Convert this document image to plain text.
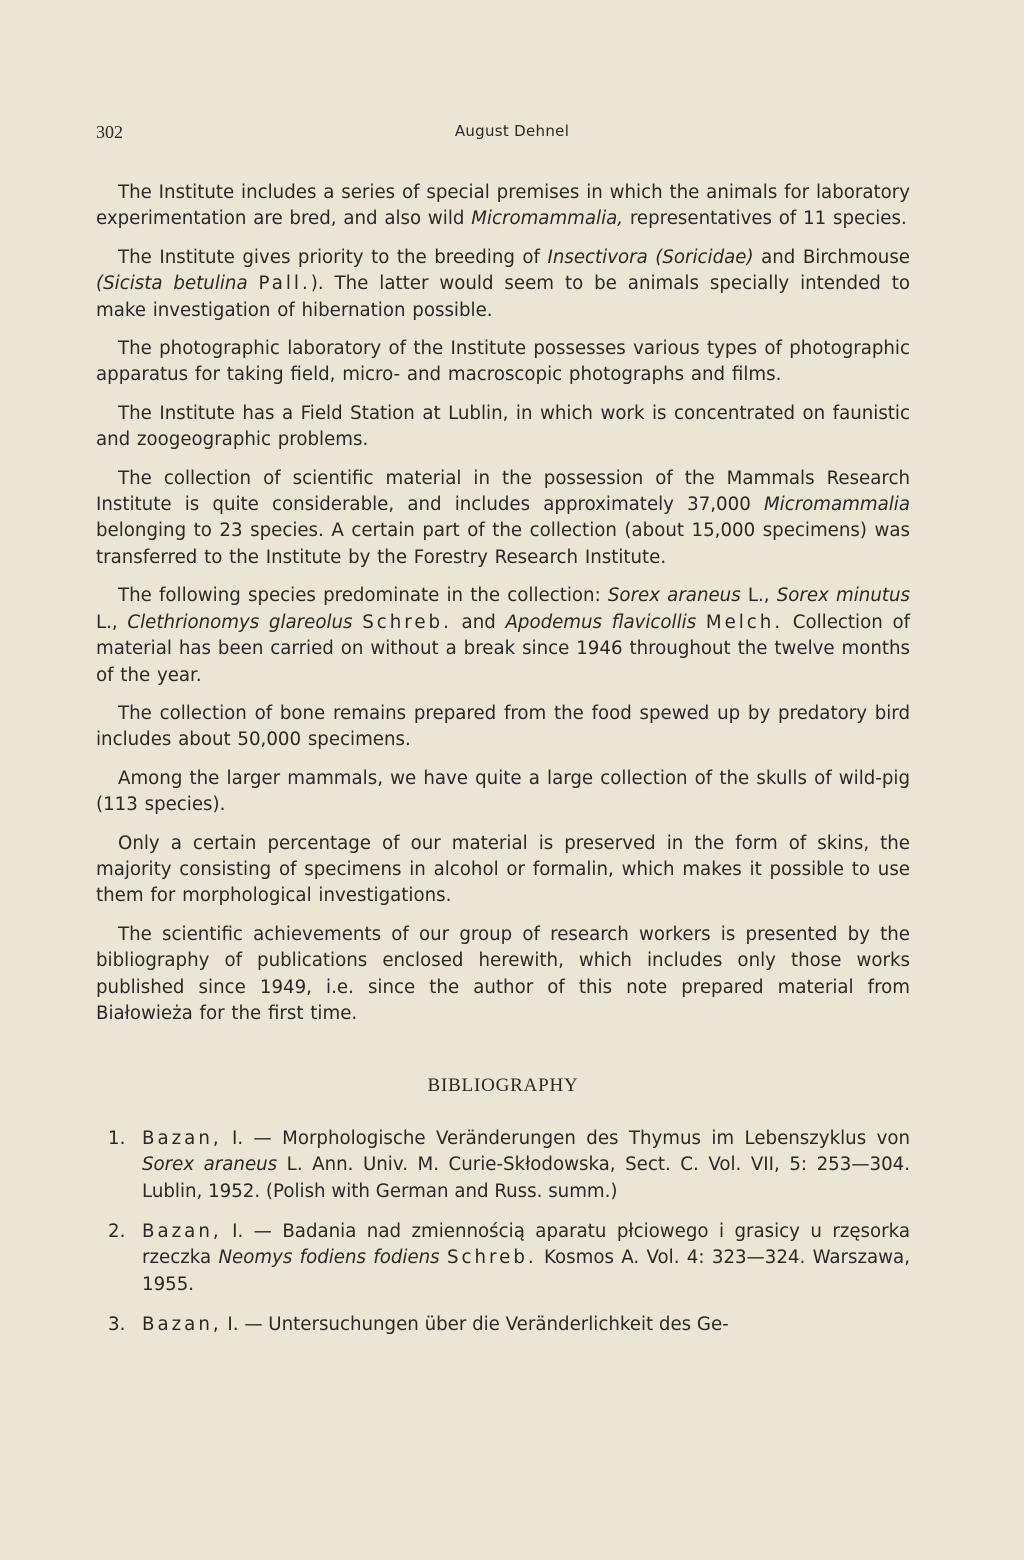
302	August Dehnel

The Institute includes a series of special premises in which the animals for laboratory experimentation are bred, and also wild Micromammalia, representatives of 11 species.

The Institute gives priority to the breeding of Insectivora (Soricidae) and Birchmouse (Sicista betulina Pall.). The latter would seem to be animals specially intended to make investigation of hibernation possible.

The photographic laboratory of the Institute possesses various types of photographic apparatus for taking field, micro- and macroscopic photographs and films.

The Institute has a Field Station at Lublin, in which work is concentrated on faunistic and zoogeographic problems.

The collection of scientific material in the possession of the Mammals Research Institute is quite considerable, and includes approximately 37,000 Micromammalia belonging to 23 species. A certain part of the collection (about 15,000 specimens) was transferred to the Institute by the Forestry Research Institute.

The following species predominate in the collection: Sorex araneus L., Sorex minutus L., Clethrionomys glareolus Schreb. and Apodemus flavicollis Melch. Collection of material has been carried on without a break since 1946 throughout the twelve months of the year.

The collection of bone remains prepared from the food spewed up by predatory bird includes about 50,000 specimens.

Among the larger mammals, we have quite a large collection of the skulls of wild-pig (113 species).

Only a certain percentage of our material is preserved in the form of skins, the majority consisting of specimens in alcohol or formalin, which makes it possible to use them for morphological investigations.

The scientific achievements of our group of research workers is presented by the bibliography of publications enclosed herewith, which includes only those works published since 1949, i.e. since the author of this note prepared material from Białowieża for the first time.

BIBLIOGRAPHY
1. Bazan, I. — Morphologische Veränderungen des Thymus im Lebenszyklus von Sorex araneus L. Ann. Univ. M. Curie-Skłodowska, Sect. C. Vol. VII, 5: 253—304. Lublin, 1952. (Polish with German and Russ. summ.)
2. Bazan, I. — Badania nad zmiennością aparatu płciowego i grasicy u rzęsorka rzeczka Neomys fodiens fodiens Schreb. Kosmos A. Vol. 4: 323—324. Warszawa, 1955.
3. Bazan, I. — Untersuchungen über die Veränderlichkeit des Ge-
